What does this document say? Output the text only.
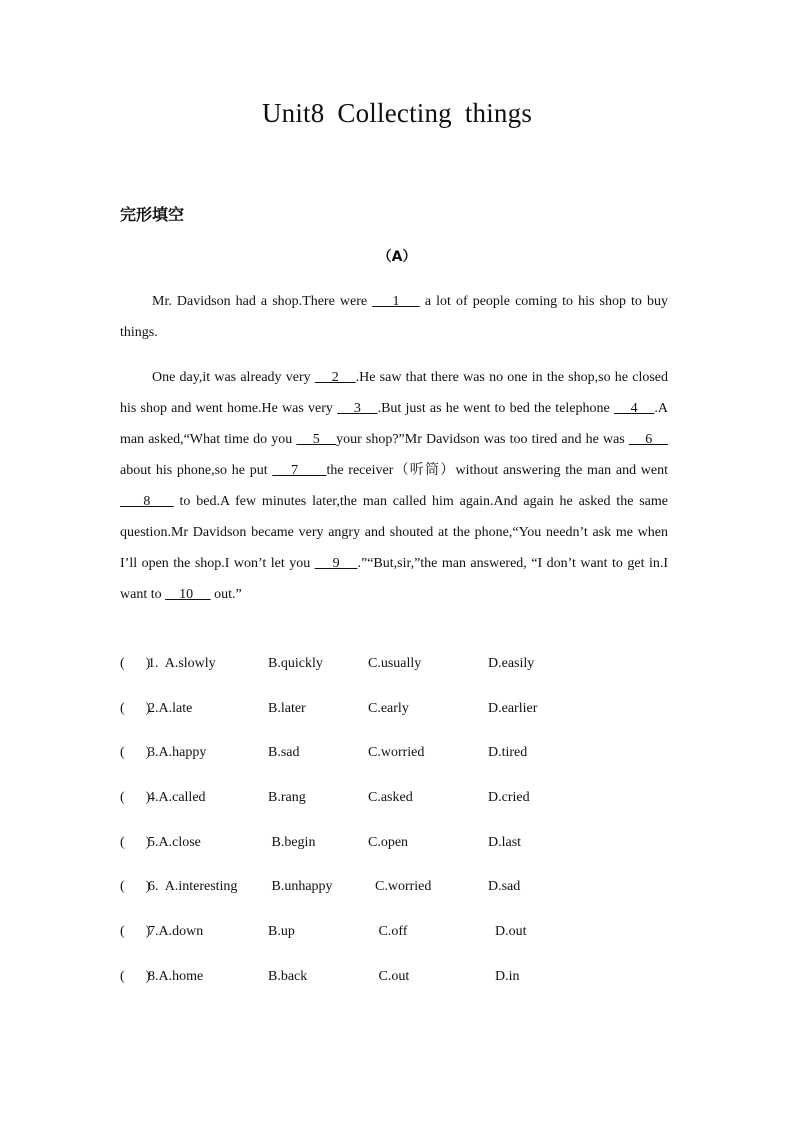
Unit8 Collecting things
完形填空
（A）

Mr. Davidson had a shop.There were     1     a lot of people coming to his shop to buy things.

One day,it was already very     2    .He saw that there was no one in the shop,so he closed his shop and went home.He was very     3    .But just as he went to bed the telephone     4    .A man asked,“What time do you     5    your shop?”Mr Davidson was too tired and he was     6     about his phone,so he put     7      the receiver（听筒）without answering the man and went     8     to bed.A few minutes later,the man called him again.And again he asked the same question.Mr Davidson became very angry and shouted at the phone,“You needn’t ask me when I’ll open the shop.I won’t let you     9    .”“But,sir,”the man answered, “I don’t want to get in.I want to     10      out.”

(      )
1.  A.slowly	B.quickly	C.usually	D.easily
(      )
2.A.late	B.later	C.early	D.earlier
(      )
3.A.happy	B.sad	C.worried	D.tired
(      )
4.A.called	B.rang	C.asked	D.cried
(      )
5.A.close	B.begin	C.open	D.last
(      )
6.  A.interesting B.unhappy	C.worried	D.sad
(      )
7.A.down	B.up	C.off	D.out
(      )
8.A.home	B.back	C.out	D.in
